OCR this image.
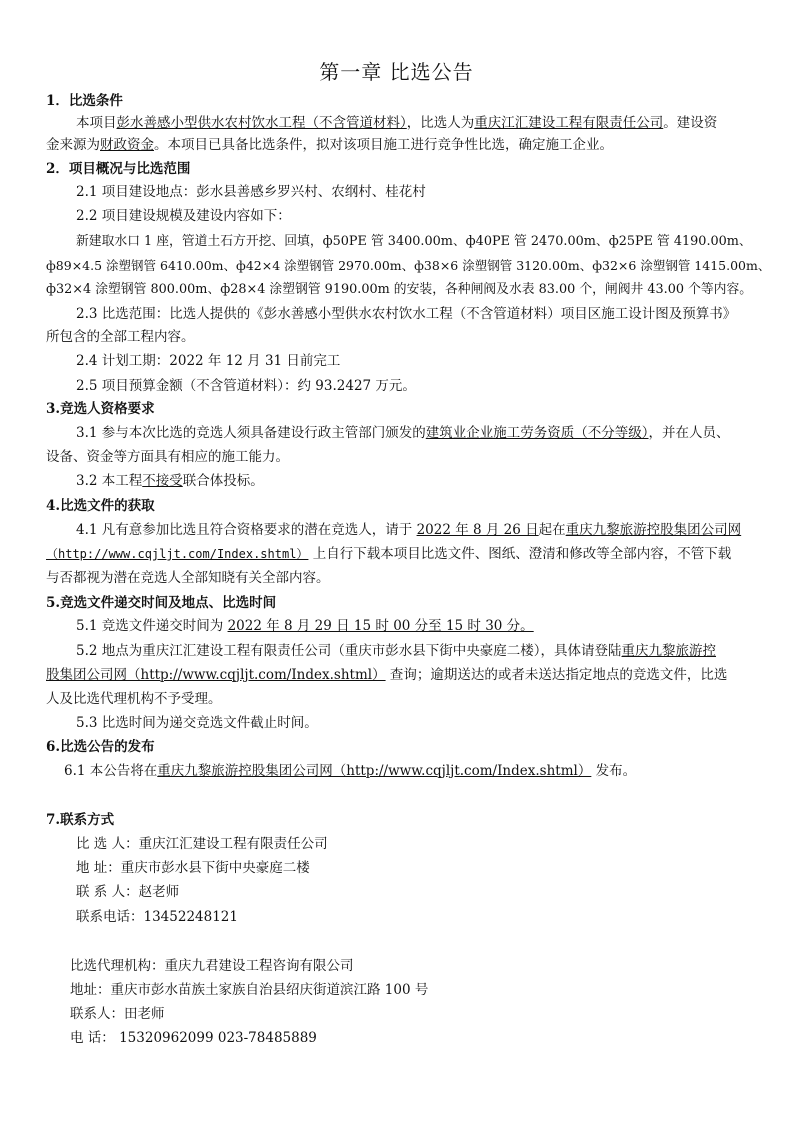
第一章 比选公告
1．比选条件
本项目彭水善感小型供水农村饮水工程（不含管道材料），比选人为重庆江汇建设工程有限责任公司。建设资
金来源为财政资金。本项目已具备比选条件，拟对该项目施工进行竞争性比选，确定施工企业。
2．项目概况与比选范围
2.1 项目建设地点：彭水县善感乡罗兴村、农纲村、桂花村
2.2 项目建设规模及建设内容如下：
新建取水口 1 座，管道土石方开挖、回填，ф50PE 管 3400.00m、ф40PE 管 2470.00m、ф25PE 管 4190.00m、
ф89×4.5 涂塑钢管 6410.00m、ф42×4 涂塑钢管 2970.00m、ф38×6 涂塑钢管 3120.00m、ф32×6 涂塑钢管 1415.00m、
ф32×4 涂塑钢管 800.00m、ф28×4 涂塑钢管 9190.00m 的安装，各种闸阀及水表 83.00 个，闸阀井 43.00 个等内容。
2.3 比选范围：比选人提供的《彭水善感小型供水农村饮水工程（不含管道材料）项目区施工设计图及预算书》
所包含的全部工程内容。
2.4 计划工期：2022 年 12 月 31 日前完工
2.5 项目预算金额（不含管道材料）：约 93.2427 万元。
3.竞选人资格要求
3.1 参与本次比选的竞选人须具备建设行政主管部门颁发的建筑业企业施工劳务资质（不分等级），并在人员、
设备、资金等方面具有相应的施工能力。
3.2 本工程不接受联合体投标。
4.比选文件的获取
4.1 凡有意参加比选且符合资格要求的潜在竞选人，请于 2022 年 8 月 26 日起在重庆九黎旅游控股集团公司网
（http://www.cqjljt.com/Index.shtml） 上自行下载本项目比选文件、图纸、澄清和修改等全部内容，不管下载
与否都视为潜在竞选人全部知晓有关全部内容。
5.竞选文件递交时间及地点、比选时间
5.1 竞选文件递交时间为 2022 年 8 月 29 日 15 时 00 分至 15 时 30 分。
5.2 地点为重庆江汇建设工程有限责任公司（重庆市彭水县下街中央豪庭二楼），具体请登陆重庆九黎旅游控
股集团公司网（http://www.cqjljt.com/Index.shtml） 查询；逾期送达的或者未送达指定地点的竞选文件，比选
人及比选代理机构不予受理。
5.3 比选时间为递交竞选文件截止时间。
6.比选公告的发布
6.1 本公告将在重庆九黎旅游控股集团公司网（http://www.cqjljt.com/Index.shtml） 发布。
7.联系方式
比 选 人：重庆江汇建设工程有限责任公司
地 址：重庆市彭水县下街中央豪庭二楼
联 系 人：赵老师
联系电话：13452248121
比选代理机构：重庆九君建设工程咨询有限公司
地址：重庆市彭水苗族土家族自治县绍庆街道滨江路 100 号
联系人：田老师
电 话： 15320962099 023-78485889
